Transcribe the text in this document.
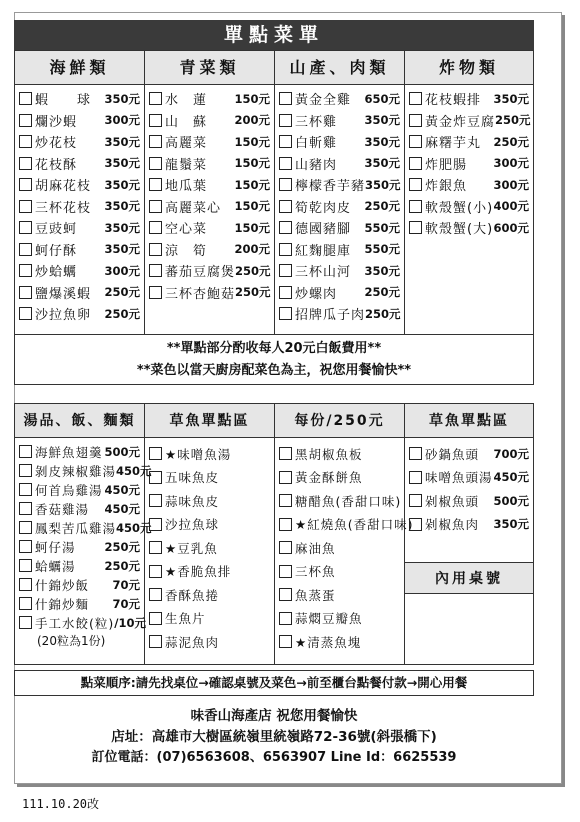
單點菜單
海鮮類
蝦　　球 350元
爛沙蝦 300元
炒花枝 350元
花枝酥 350元
胡麻花枝 350元
三杯花枝 350元
豆豉蚵 350元
蚵仔酥 350元
炒蛤蠣 300元
鹽爆溪蝦 250元
沙拉魚卵 250元
青菜類
水　蓮 150元
山　蘇 200元
高麗菜 150元
龍鬚菜 150元
地瓜葉 150元
高麗菜心 150元
空心菜 150元
涼　筍 200元
蕃茄豆腐煲 250元
三杯杏鮑菇 250元
山產、肉類
黃金全雞 650元
三杯雞 350元
白斬雞 350元
山豬肉 350元
檸檬香芋豬 350元
筍乾肉皮 250元
德國豬腳 550元
紅麴腿庫 550元
三杯山河 350元
炒螺肉 250元
招牌瓜子肉 250元
炸物類
花枝蝦排 350元
黃金炸豆腐 250元
麻糬芋丸 250元
炸肥腸 300元
炸銀魚 300元
軟殼蟹(小) 400元
軟殼蟹(大) 600元
**單點部分酌收每人20元白飯費用**
**菜色以當天廚房配菜色為主，祝您用餐愉快**
湯品、飯、麵類
海鮮魚翅羹 500元
剝皮辣椒雞湯 450元
何首烏雞湯 450元
香菇雞湯 450元
鳳梨苦瓜雞湯 450元
蚵仔湯	250元
蛤蠣湯	250元
什錦炒飯 70元
什錦炒麵 70元
手工水餃(粒) /10元
(20粒為1份)
草魚單點區
★味噌魚湯
五味魚皮
蒜味魚皮
沙拉魚球
★豆乳魚
★香脆魚排
香酥魚捲
生魚片
蒜泥魚肉
每份/250元
黑胡椒魚板
黃金酥餅魚
糖醋魚(香甜口味)
★紅燒魚(香甜口味)
麻油魚
三杯魚
魚蒸蛋
蒜燜豆瓣魚
★清蒸魚塊
草魚單點區
砂鍋魚頭 700元
味噌魚頭湯 450元
剁椒魚頭 500元
剁椒魚肉 350元
內用桌號
點菜順序:請先找桌位→確認桌號及菜色→前至櫃台點餐付款→開心用餐
味香山海產店 祝您用餐愉快
店址：高雄市大樹區統嶺里統嶺路72-36號(斜張橋下)
訂位電話：(07)6563608、6563907 Line Id：6625539
111.10.20改
